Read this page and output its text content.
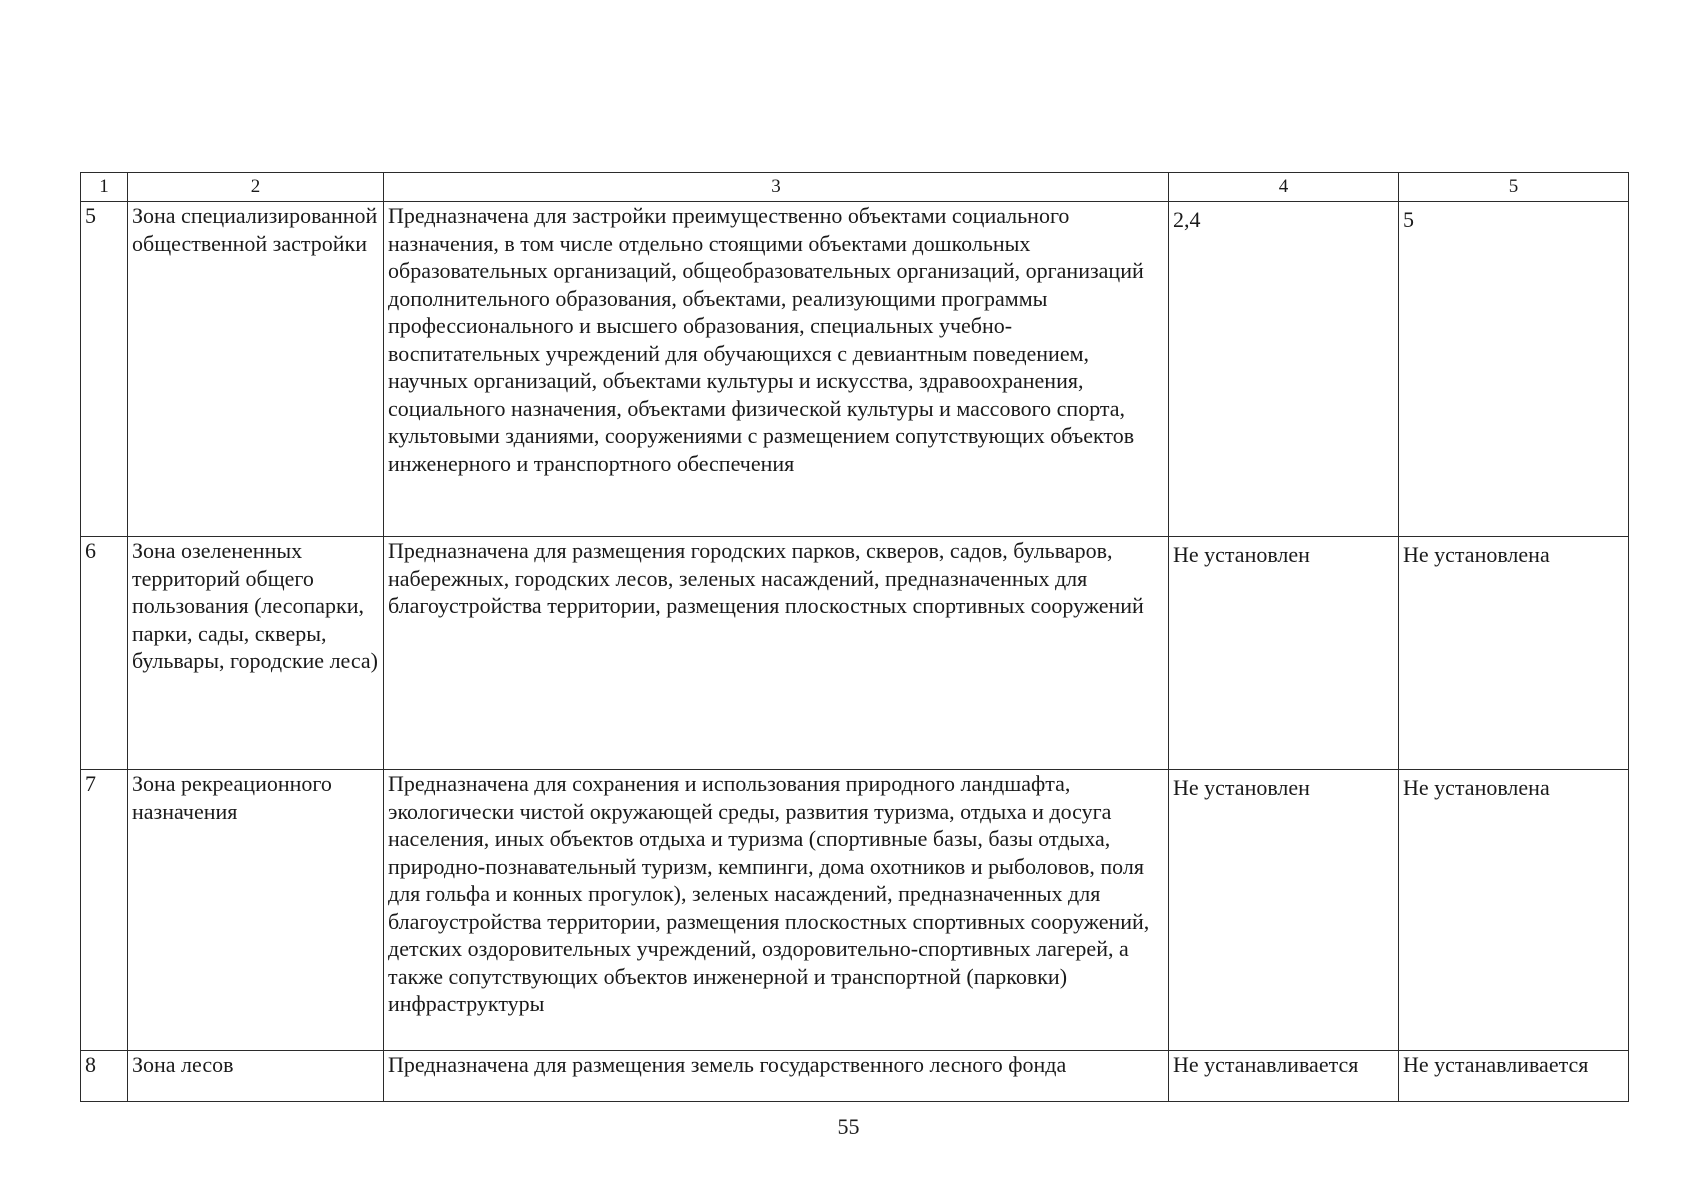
1	2	3	4	5
5	Зона специализированной общественной застройки	Предназначена для застройки преимущественно объектами социального назначения, в том числе отдельно стоящими объектами дошкольных образовательных организаций, общеобразовательных организаций, организаций дополнительного образования, объектами, реализующими программы профессионального и высшего образования, специальных учебно-воспитательных учреждений для обучающихся с девиантным поведением, научных организаций, объектами культуры и искусства, здравоохранения, социального назначения, объектами физической культуры и массового спорта, культовыми зданиями, сооружениями с размещением сопутствующих объектов инженерного и транспортного обеспечения	2,4	5
6	Зона озелененных территорий общего пользования (лесопарки, парки, сады, скверы, бульвары, городские леса)	Предназначена для размещения городских парков, скверов, садов, бульваров, набережных, городских лесов, зеленых насаждений, предназначенных для благоустройства территории, размещения плоскостных спортивных сооружений	Не установлен	Не установлена
7	Зона рекреационного назначения	Предназначена для сохранения и использования природного ландшафта, экологически чистой окружающей среды, развития туризма, отдыха и досуга населения, иных объектов отдыха и туризма (спортивные базы, базы отдыха, природно-познавательный туризм, кемпинги, дома охотников и рыболовов, поля для гольфа и конных прогулок), зеленых насаждений, предназначенных для благоустройства территории, размещения плоскостных спортивных сооружений, детских оздоровительных учреждений, оздоровительно-спортивных лагерей, а также сопутствующих объектов инженерной и транспортной (парковки) инфраструктуры	Не установлен	Не установлена
8	Зона лесов	Предназначена для размещения земель государственного лесного фонда	Не устанавливается	Не устанавливается
55
